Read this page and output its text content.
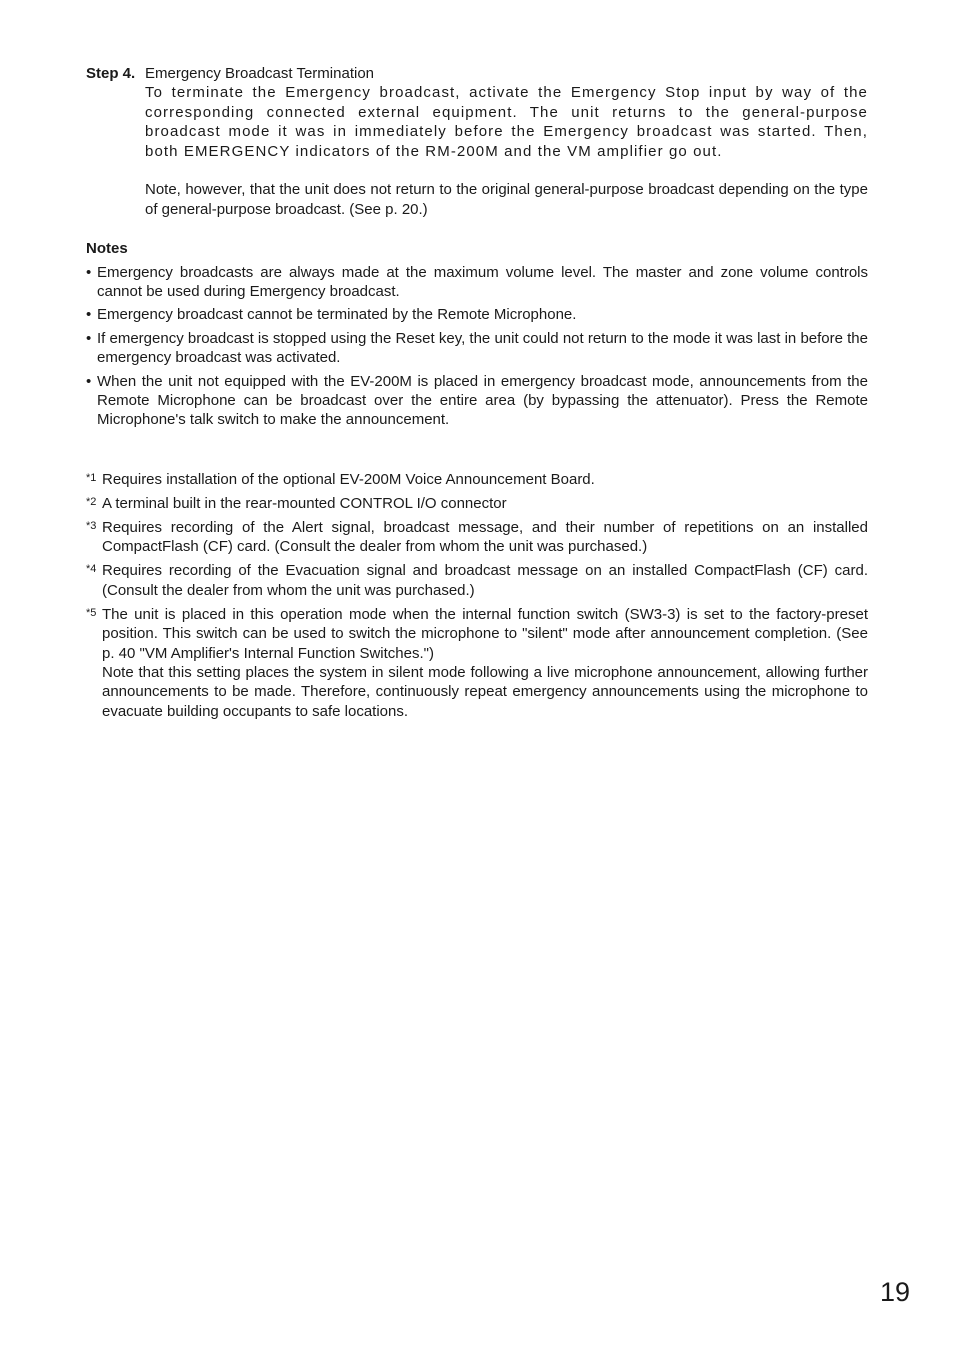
Step 4. Emergency Broadcast Termination

To terminate the Emergency broadcast, activate the Emergency Stop input by way of the corresponding connected external equipment. The unit returns to the general-purpose broadcast mode it was in immediately before the Emergency broadcast was started. Then, both EMERGENCY indicators of the RM-200M and the VM amplifier go out.

Note, however, that the unit does not return to the original general-purpose broadcast depending on the type of general-purpose broadcast. (See p. 20.)

Notes

• Emergency broadcasts are always made at the maximum volume level. The master and zone volume controls cannot be used during Emergency broadcast.
• Emergency broadcast cannot be terminated by the Remote Microphone.
• If emergency broadcast is stopped using the Reset key, the unit could not return to the mode it was last in before the emergency broadcast was activated.
• When the unit not equipped with the EV-200M is placed in emergency broadcast mode, announcements from the Remote Microphone can be broadcast over the entire area (by bypassing the attenuator). Press the Remote Microphone's talk switch to make the announcement.
*1 Requires installation of the optional EV-200M Voice Announcement Board.

*2 A terminal built in the rear-mounted CONTROL I/O connector

*3 Requires recording of the Alert signal, broadcast message, and their number of repetitions on an installed CompactFlash (CF) card. (Consult the dealer from whom the unit was purchased.)

*4 Requires recording of the Evacuation signal and broadcast message on an installed CompactFlash (CF) card. (Consult the dealer from whom the unit was purchased.)

*5 The unit is placed in this operation mode when the internal function switch (SW3-3) is set to the factory-preset position. This switch can be used to switch the microphone to "silent" mode after announcement completion. (See p. 40 "VM Amplifier's Internal Function Switches.")

Note that this setting places the system in silent mode following a live microphone announcement, allowing further announcements to be made. Therefore, continuously repeat emergency announcements using the microphone to evacuate building occupants to safe locations.

19
